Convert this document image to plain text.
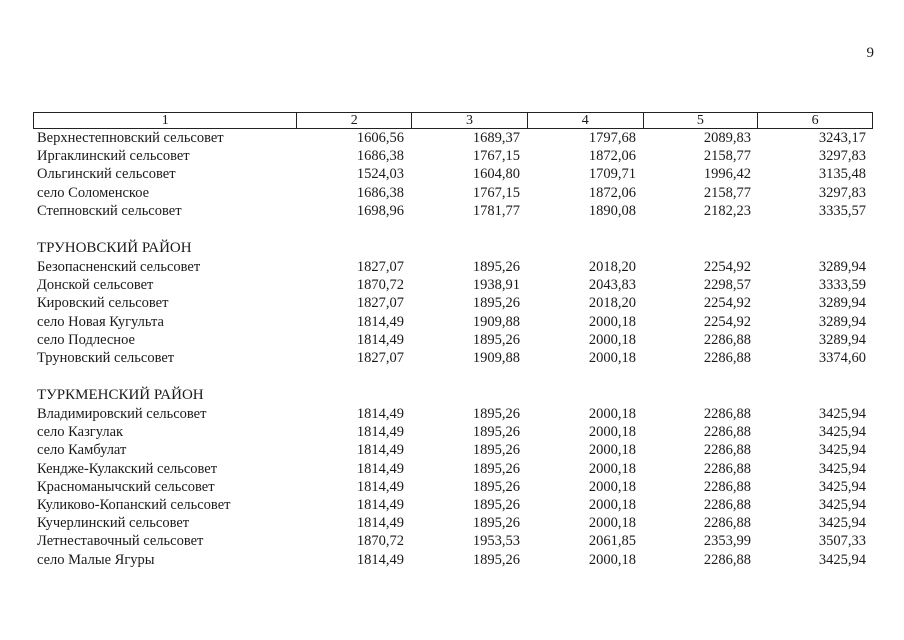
9
1	2	3	4	5	6
Верхнестепновский сельсовет	1606,56	1689,37	1797,68	2089,83	3243,17
Иргаклинский сельсовет	1686,38	1767,15	1872,06	2158,77	3297,83
Ольгинский сельсовет	1524,03	1604,80	1709,71	1996,42	3135,48
село Соломенское	1686,38	1767,15	1872,06	2158,77	3297,83
Степновский сельсовет	1698,96	1781,77	1890,08	2182,23	3335,57
ТРУНОВСКИЙ РАЙОН
Безопасненский сельсовет	1827,07	1895,26	2018,20	2254,92	3289,94
Донской сельсовет	1870,72	1938,91	2043,83	2298,57	3333,59
Кировский сельсовет	1827,07	1895,26	2018,20	2254,92	3289,94
село Новая Кугульта	1814,49	1909,88	2000,18	2254,92	3289,94
село Подлесное	1814,49	1895,26	2000,18	2286,88	3289,94
Труновский сельсовет	1827,07	1909,88	2000,18	2286,88	3374,60
ТУРКМЕНСКИЙ РАЙОН
Владимировский сельсовет	1814,49	1895,26	2000,18	2286,88	3425,94
село Казгулак	1814,49	1895,26	2000,18	2286,88	3425,94
село Камбулат	1814,49	1895,26	2000,18	2286,88	3425,94
Кендже-Кулакский сельсовет	1814,49	1895,26	2000,18	2286,88	3425,94
Красноманычский сельсовет	1814,49	1895,26	2000,18	2286,88	3425,94
Куликово-Копанский сельсовет	1814,49	1895,26	2000,18	2286,88	3425,94
Кучерлинский сельсовет	1814,49	1895,26	2000,18	2286,88	3425,94
Летнеставочный сельсовет	1870,72	1953,53	2061,85	2353,99	3507,33
село Малые Ягуры	1814,49	1895,26	2000,18	2286,88	3425,94
